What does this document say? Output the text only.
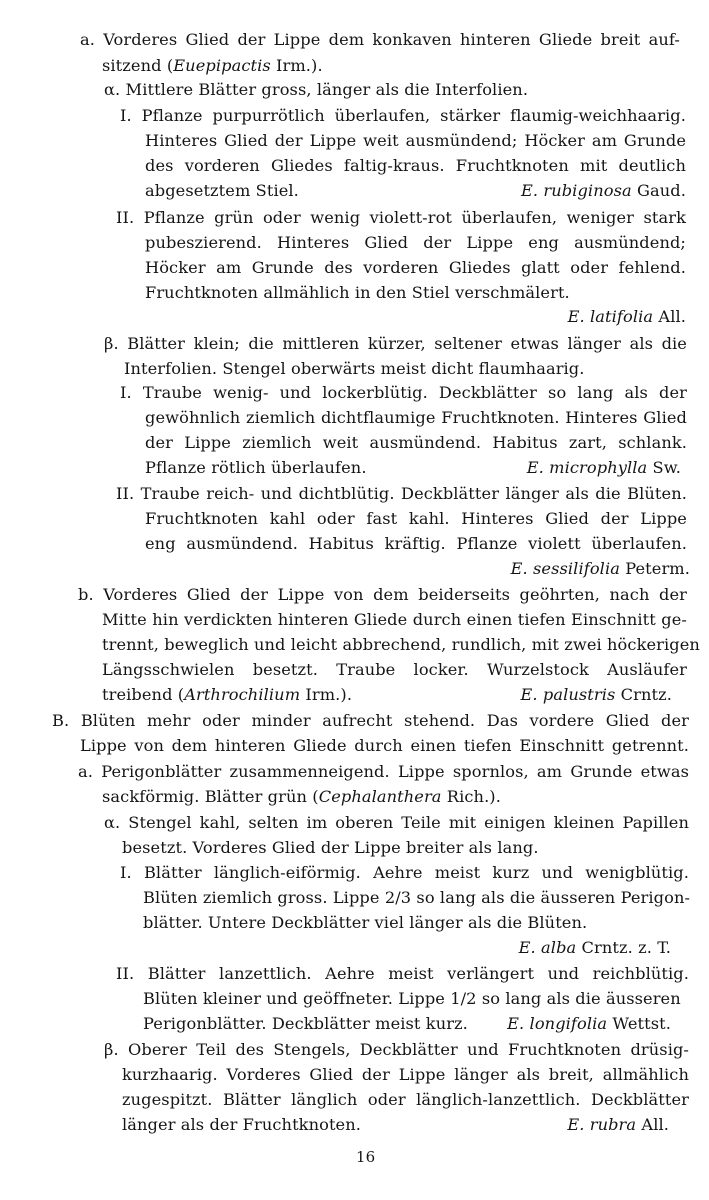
a. Vorderes Glied der Lippe dem konkaven hinteren Gliede breit auf-
sitzend (Euepipactis Irm.).
α. Mittlere Blätter gross, länger als die Interfolien.
I. Pflanze purpurrötlich überlaufen, stärker flaumig-weichhaarig.
Hinteres Glied der Lippe weit ausmündend; Höcker am Grunde
des vorderen Gliedes faltig-kraus. Fruchtknoten mit deutlich
abgesetztem Stiel.	E. rubiginosa Gaud.
II. Pflanze grün oder wenig violett-rot überlaufen, weniger stark
pubeszierend. Hinteres Glied der Lippe eng ausmündend;
Höcker am Grunde des vorderen Gliedes glatt oder fehlend.
Fruchtknoten allmählich in den Stiel verschmälert.
E. latifolia All.
β. Blätter klein; die mittleren kürzer, seltener etwas länger als die
Interfolien. Stengel oberwärts meist dicht flaumhaarig.
I. Traube wenig- und lockerblütig. Deckblätter so lang als der
gewöhnlich ziemlich dichtflaumige Fruchtknoten. Hinteres Glied
der Lippe ziemlich weit ausmündend. Habitus zart, schlank.
Pflanze rötlich überlaufen.	E. microphylla Sw.
II. Traube reich- und dichtblütig. Deckblätter länger als die Blüten.
Fruchtknoten kahl oder fast kahl. Hinteres Glied der Lippe
eng ausmündend. Habitus kräftig. Pflanze violett überlaufen.
E. sessilifolia Peterm.
b. Vorderes Glied der Lippe von dem beiderseits geöhrten, nach der
Mitte hin verdickten hinteren Gliede durch einen tiefen Einschnitt ge-
trennt, beweglich und leicht abbrechend, rundlich, mit zwei höckerigen
Längsschwielen besetzt. Traube locker. Wurzelstock Ausläufer
treibend (Arthrochilium Irm.).	E. palustris Crntz.
B. Blüten mehr oder minder aufrecht stehend. Das vordere Glied der
Lippe von dem hinteren Gliede durch einen tiefen Einschnitt getrennt.
a. Perigonblätter zusammenneigend. Lippe spornlos, am Grunde etwas
sackförmig. Blätter grün (Cephalanthera Rich.).
α. Stengel kahl, selten im oberen Teile mit einigen kleinen Papillen
besetzt. Vorderes Glied der Lippe breiter als lang.
I. Blätter länglich-eiförmig. Aehre meist kurz und wenigblütig.
Blüten ziemlich gross. Lippe 2/3 so lang als die äusseren Perigon-
blätter. Untere Deckblätter viel länger als die Blüten.
E. alba Crntz. z. T.
II. Blätter lanzettlich. Aehre meist verlängert und reichblütig.
Blüten kleiner und geöffneter. Lippe 1/2 so lang als die äusseren
Perigonblätter. Deckblätter meist kurz. E. longifolia Wettst.
β. Oberer Teil des Stengels, Deckblätter und Fruchtknoten drüsig-
kurzhaarig. Vorderes Glied der Lippe länger als breit, allmählich
zugespitzt. Blätter länglich oder länglich-lanzettlich. Deckblätter
länger als der Fruchtknoten.	E. rubra All.
16
